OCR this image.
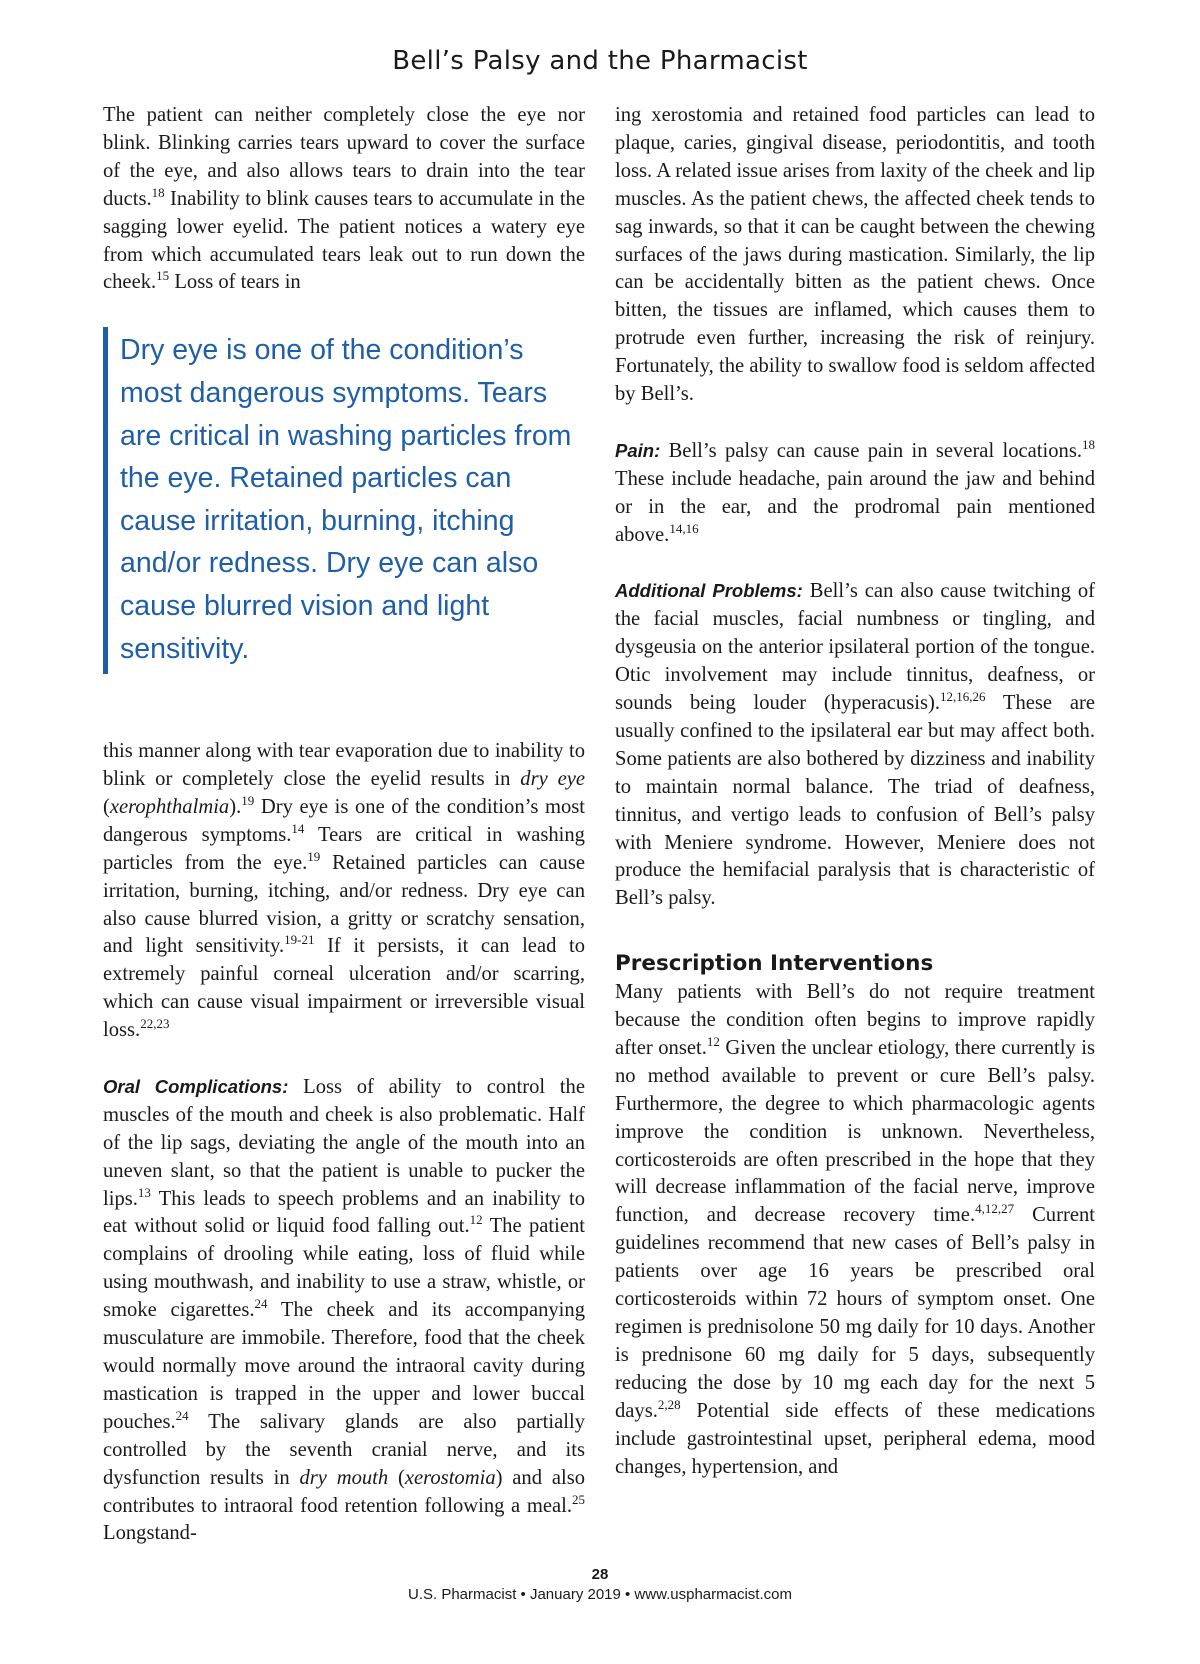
Bell’s Palsy and the Pharmacist

The patient can neither completely close the eye nor blink. Blinking carries tears upward to cover the surface of the eye, and also allows tears to drain into the tear ducts.$^{18}$ Inability to blink causes tears to accumulate in the sagging lower eyelid. The patient notices a watery eye from which accumulated tears leak out to run down the cheek.$^{15}$ Loss of tears in

Dry eye is one of the condition’s most dangerous symptoms. Tears are critical in washing particles from the eye. Retained particles can cause irritation, burning, itching and/or redness. Dry eye can also cause blurred vision and light sensitivity.

this manner along with tear evaporation due to inability to blink or completely close the eyelid results in dry eye (xerophthalmia).$^{19}$ Dry eye is one of the condition’s most dangerous symptoms.$^{14}$ Tears are critical in washing particles from the eye.$^{19}$ Retained particles can cause irritation, burning, itching, and/or redness. Dry eye can also cause blurred vision, a gritty or scratchy sensation, and light sensitivity.$^{19-21}$ If it persists, it can lead to extremely painful corneal ulceration and/or scarring, which can cause visual impairment or irreversible visual loss.$^{22,23}$

Oral Complications: Loss of ability to control the muscles of the mouth and cheek is also problematic. Half of the lip sags, deviating the angle of the mouth into an uneven slant, so that the patient is unable to pucker the lips.$^{13}$ This leads to speech problems and an inability to eat without solid or liquid food falling out.$^{12}$ The patient complains of drooling while eating, loss of fluid while using mouthwash, and inability to use a straw, whistle, or smoke cigarettes.$^{24}$ The cheek and its accompanying musculature are immobile. Therefore, food that the cheek would normally move around the intraoral cavity during mastication is trapped in the upper and lower buccal pouches.$^{24}$ The salivary glands are also partially controlled by the seventh cranial nerve, and its dysfunction results in dry mouth (xerostomia) and also contributes to intraoral food retention following a meal.$^{25}$ Longstand-

ing xerostomia and retained food particles can lead to plaque, caries, gingival disease, periodontitis, and tooth loss. A related issue arises from laxity of the cheek and lip muscles. As the patient chews, the affected cheek tends to sag inwards, so that it can be caught between the chewing surfaces of the jaws during mastication. Similarly, the lip can be accidentally bitten as the patient chews. Once bitten, the tissues are inflamed, which causes them to protrude even further, increasing the risk of reinjury. Fortunately, the ability to swallow food is seldom affected by Bell’s.

Pain: Bell’s palsy can cause pain in several locations.$^{18}$ These include headache, pain around the jaw and behind or in the ear, and the prodromal pain mentioned above.$^{14,16}$

Additional Problems: Bell’s can also cause twitching of the facial muscles, facial numbness or tingling, and dysgeusia on the anterior ipsilateral portion of the tongue. Otic involvement may include tinnitus, deafness, or sounds being louder (hyperacusis).$^{12,16,26}$ These are usually confined to the ipsilateral ear but may affect both. Some patients are also bothered by dizziness and inability to maintain normal balance. The triad of deafness, tinnitus, and vertigo leads to confusion of Bell’s palsy with Meniere syndrome. However, Meniere does not produce the hemifacial paralysis that is characteristic of Bell’s palsy.

Prescription Interventions

Many patients with Bell’s do not require treatment because the condition often begins to improve rapidly after onset.$^{12}$ Given the unclear etiology, there currently is no method available to prevent or cure Bell’s palsy. Furthermore, the degree to which pharmacologic agents improve the condition is unknown. Nevertheless, corticosteroids are often prescribed in the hope that they will decrease inflammation of the facial nerve, improve function, and decrease recovery time.$^{4,12,27}$ Current guidelines recommend that new cases of Bell’s palsy in patients over age 16 years be prescribed oral corticosteroids within 72 hours of symptom onset. One regimen is prednisolone 50 mg daily for 10 days. Another is prednisone 60 mg daily for 5 days, subsequently reducing the dose by 10 mg each day for the next 5 days.$^{2,28}$ Potential side effects of these medications include gastrointestinal upset, peripheral edema, mood changes, hypertension, and

28
U.S. Pharmacist • January 2019 • www.uspharmacist.com
